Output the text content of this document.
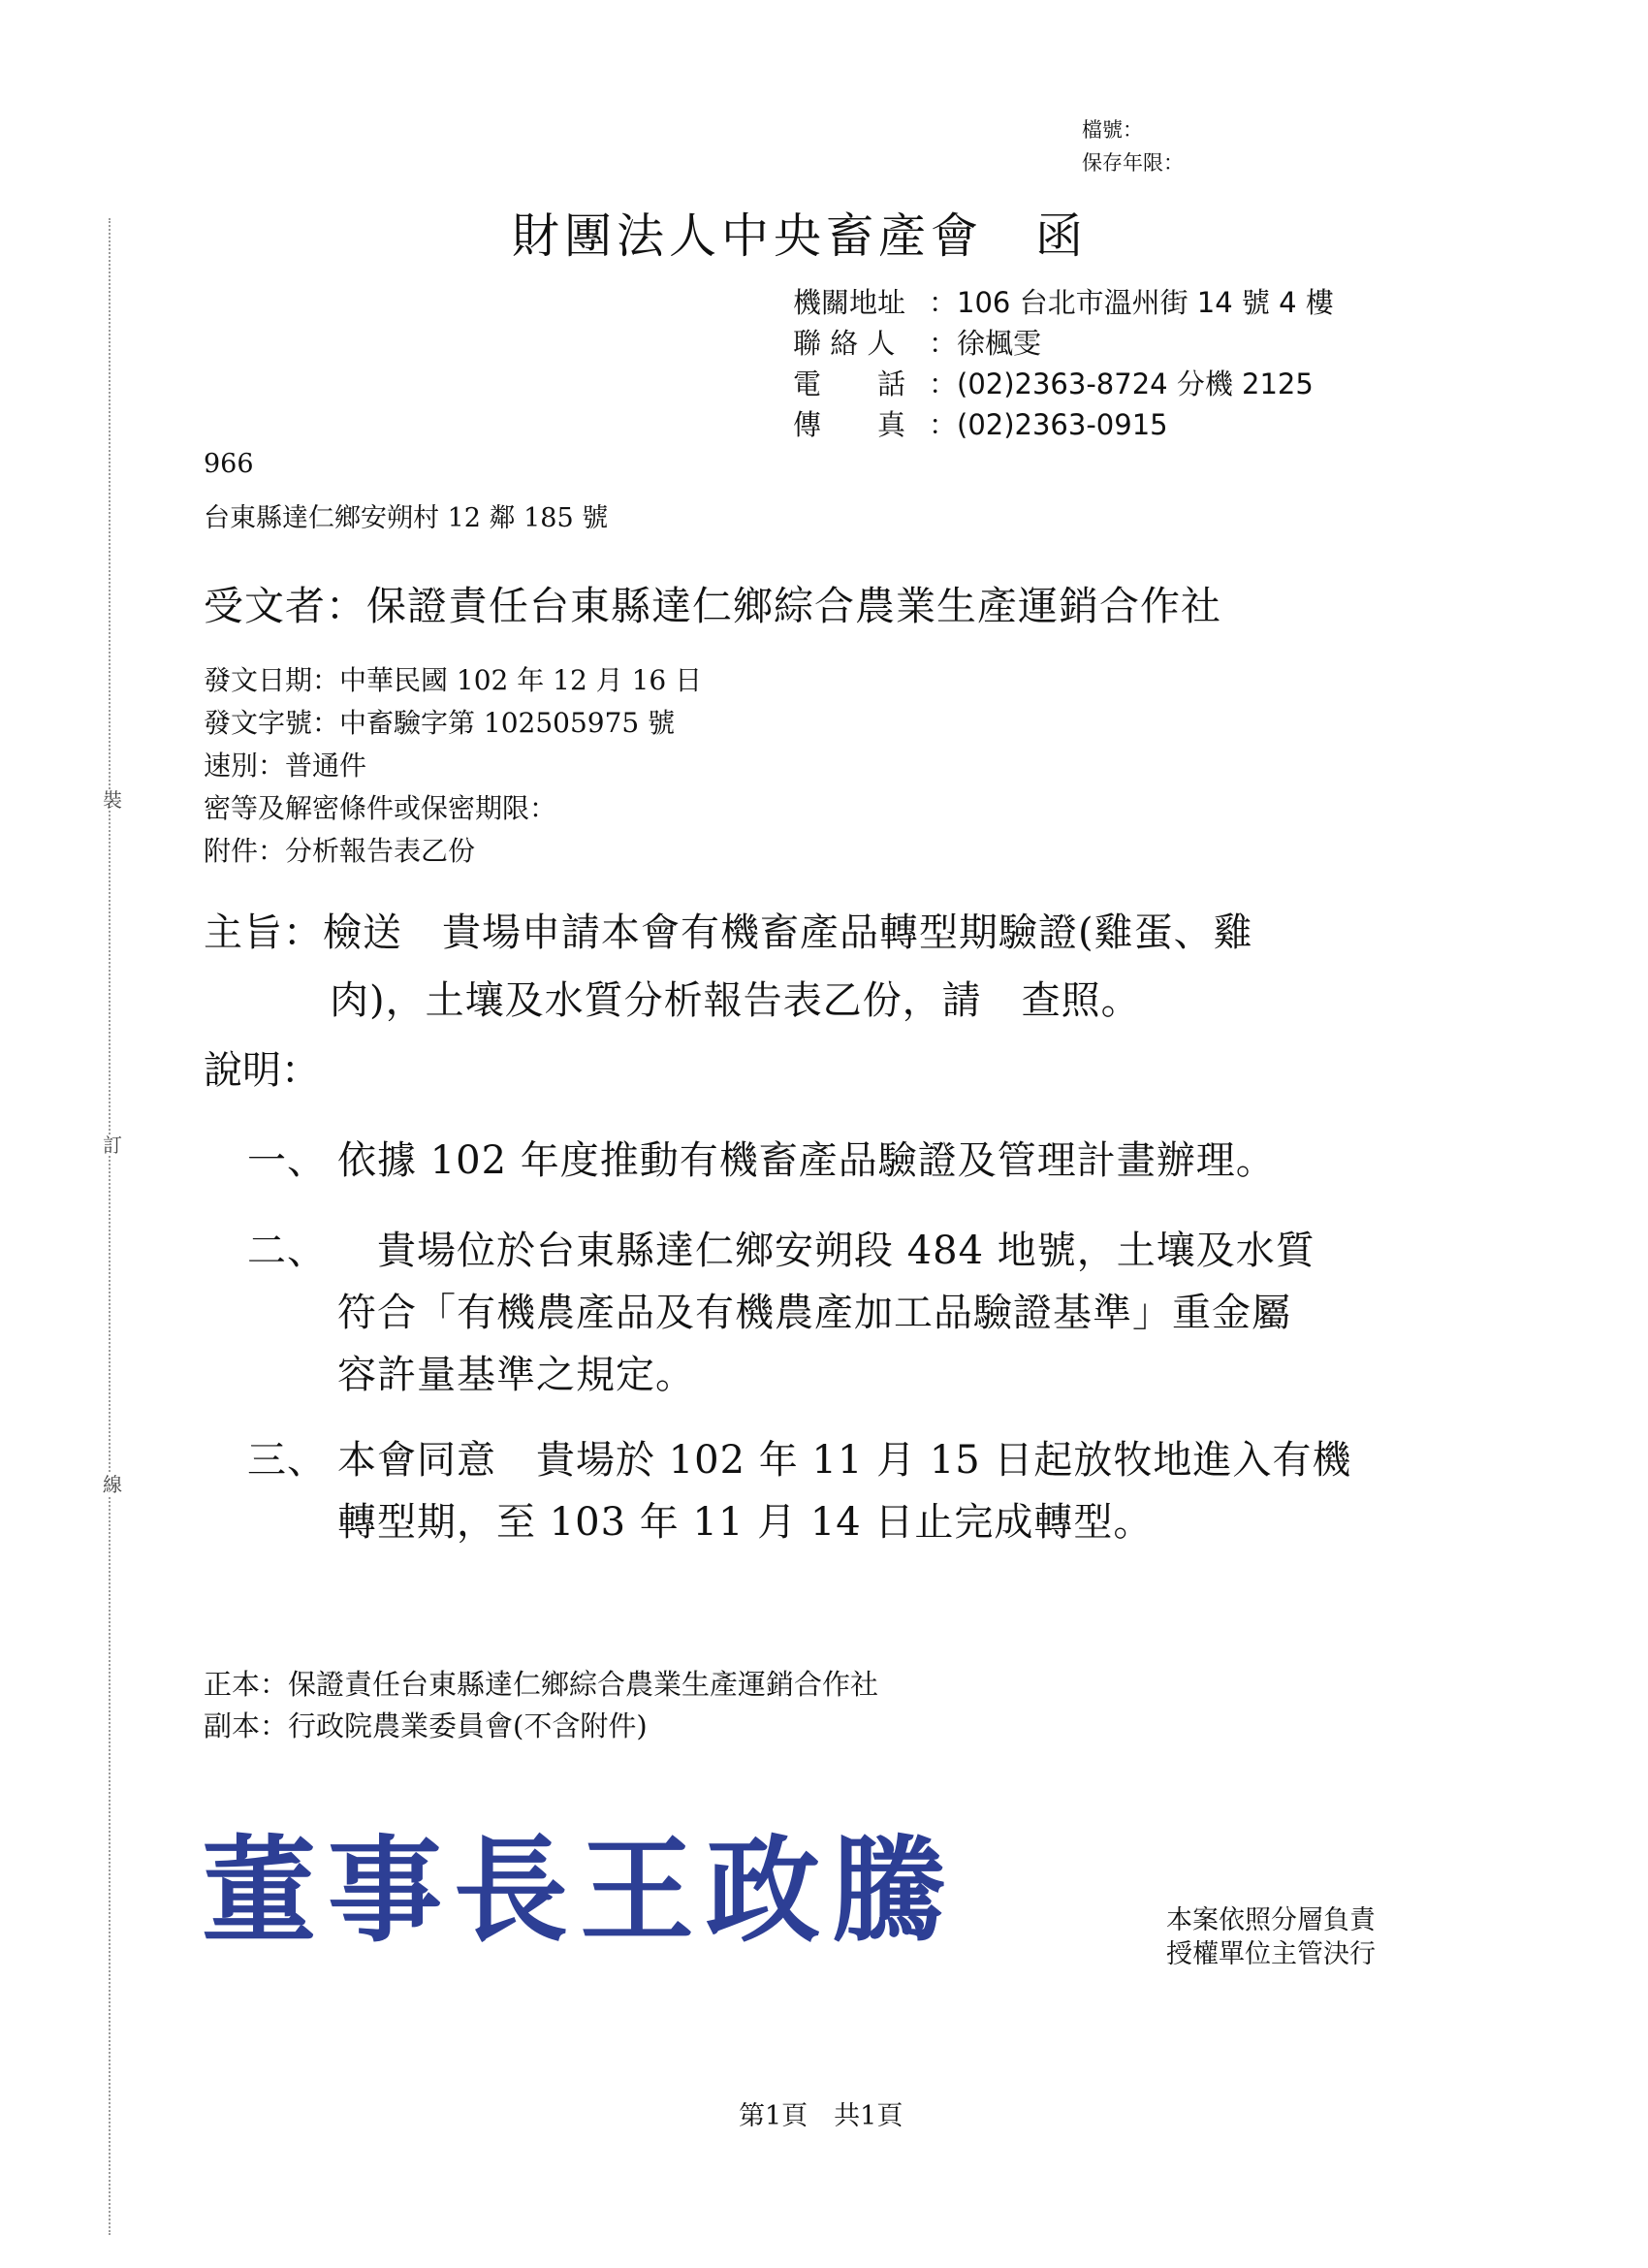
裝
訂
線
檔號：
保存年限：
財團法人中央畜產會　函
機關地址 ：106 台北市溫州街 14 號 4 樓
聯 絡 人 ：徐楓雯
電　　話 ：(02)2363-8724 分機 2125
傳　　真 ：(02)2363-0915
966
台東縣達仁鄉安朔村 12 鄰 185 號
受文者：保證責任台東縣達仁鄉綜合農業生產運銷合作社
發文日期：中華民國 102 年 12 月 16 日
發文字號：中畜驗字第 102505975 號
速別：普通件
密等及解密條件或保密期限：
附件：分析報告表乙份
主旨：檢送　貴場申請本會有機畜產品轉型期驗證(雞蛋、雞
肉)，土壤及水質分析報告表乙份，請　查照。
說明：
一、 依據 102 年度推動有機畜產品驗證及管理計畫辦理。
二、 　貴場位於台東縣達仁鄉安朔段 484 地號，土壤及水質
符合「有機農產品及有機農產加工品驗證基準」重金屬
容許量基準之規定。
三、 本會同意　貴場於 102 年 11 月 15 日起放牧地進入有機
轉型期，至 103 年 11 月 14 日止完成轉型。
正本：保證責任台東縣達仁鄉綜合農業生產運銷合作社
副本：行政院農業委員會(不含附件)
董事長王政騰	本案依照分層負責
授權單位主管決行
第1頁　共1頁
